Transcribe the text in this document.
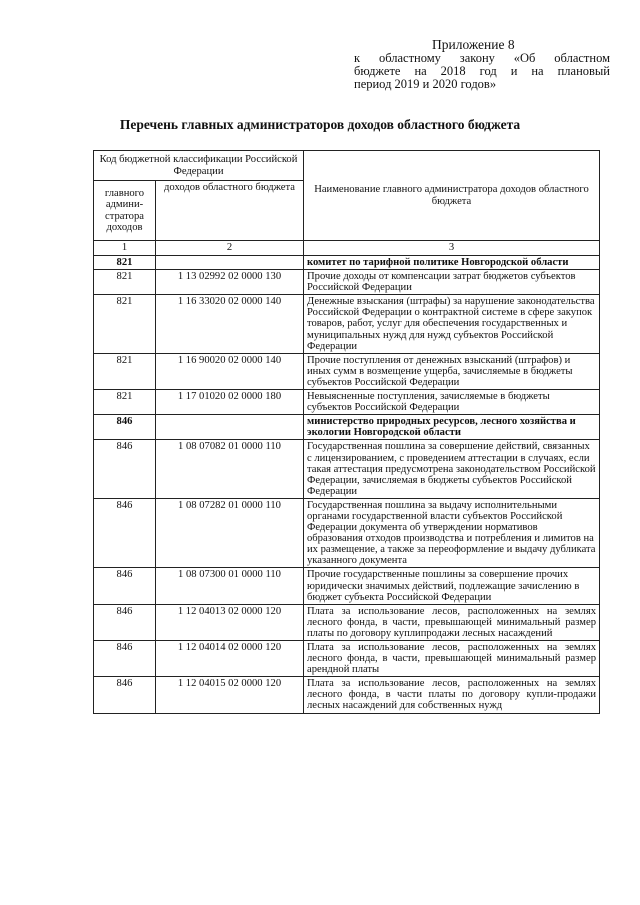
Приложение 8
к областному закону «Об областном
бюджете на 2018 год и на плановый
период 2019 и 2020 годов»
Перечень главных администраторов доходов областного бюджета
Код бюджетной классификации Российской Федерации		Наименование главного администратора доходов областного бюджета
главного админи-стратора доходов	доходов областного бюджета	
1	2	3
821		комитет по тарифной политике Новгородской области
821	1 13 02992 02 0000 130	Прочие доходы от компенсации затрат бюджетов субъектов Российской Федерации
821	1 16 33020 02 0000 140	Денежные взыскания (штрафы) за нарушение законодательства Российской Федерации о контрактной системе в сфере закупок товаров, работ, услуг для обеспечения государственных и муниципальных нужд для нужд субъектов Российской Федерации
821	1 16 90020 02 0000 140	Прочие поступления от денежных взысканий (штрафов) и иных сумм в возмещение ущерба, зачисляемые в бюджеты субъектов Российской Федерации
821	1 17 01020 02 0000 180	Невыясненные поступления, зачисляемые в бюджеты субъектов Российской Федерации
846		министерство природных ресурсов, лесного хозяйства и экологии Новгородской области
846	1 08 07082 01 0000 110	Государственная пошлина за совершение действий, связанных с лицензированием, с проведением аттестации в случаях, если такая аттестация предусмотрена законодательством Российской Федерации, зачисляемая в бюджеты субъектов Российской Федерации
846	1 08 07282 01 0000 110	Государственная пошлина за выдачу исполнительными органами государственной власти субъектов Российской Федерации документа об утверждении нормативов образования отходов производства и потребления и лимитов на их размещение, а также за переоформление и выдачу дубликата указанного документа
846	1 08 07300 01 0000 110	Прочие государственные пошлины за совершение прочих юридически значимых действий, подлежащие зачислению в бюджет субъекта Российской Федерации
846	1 12 04013 02 0000 120	Плата за использование лесов, расположенных на землях лесного фонда, в части, превышающей минимальный размер платы по договору куплипродажи лесных насаждений
846	1 12 04014 02 0000 120	Плата за использование лесов, расположенных на землях лесного фонда, в части, превышающей минимальный размер арендной платы
846	1 12 04015 02 0000 120	Плата за использование лесов, расположенных на землях лесного фонда, в части платы по договору купли-продажи лесных насаждений для собственных нужд
